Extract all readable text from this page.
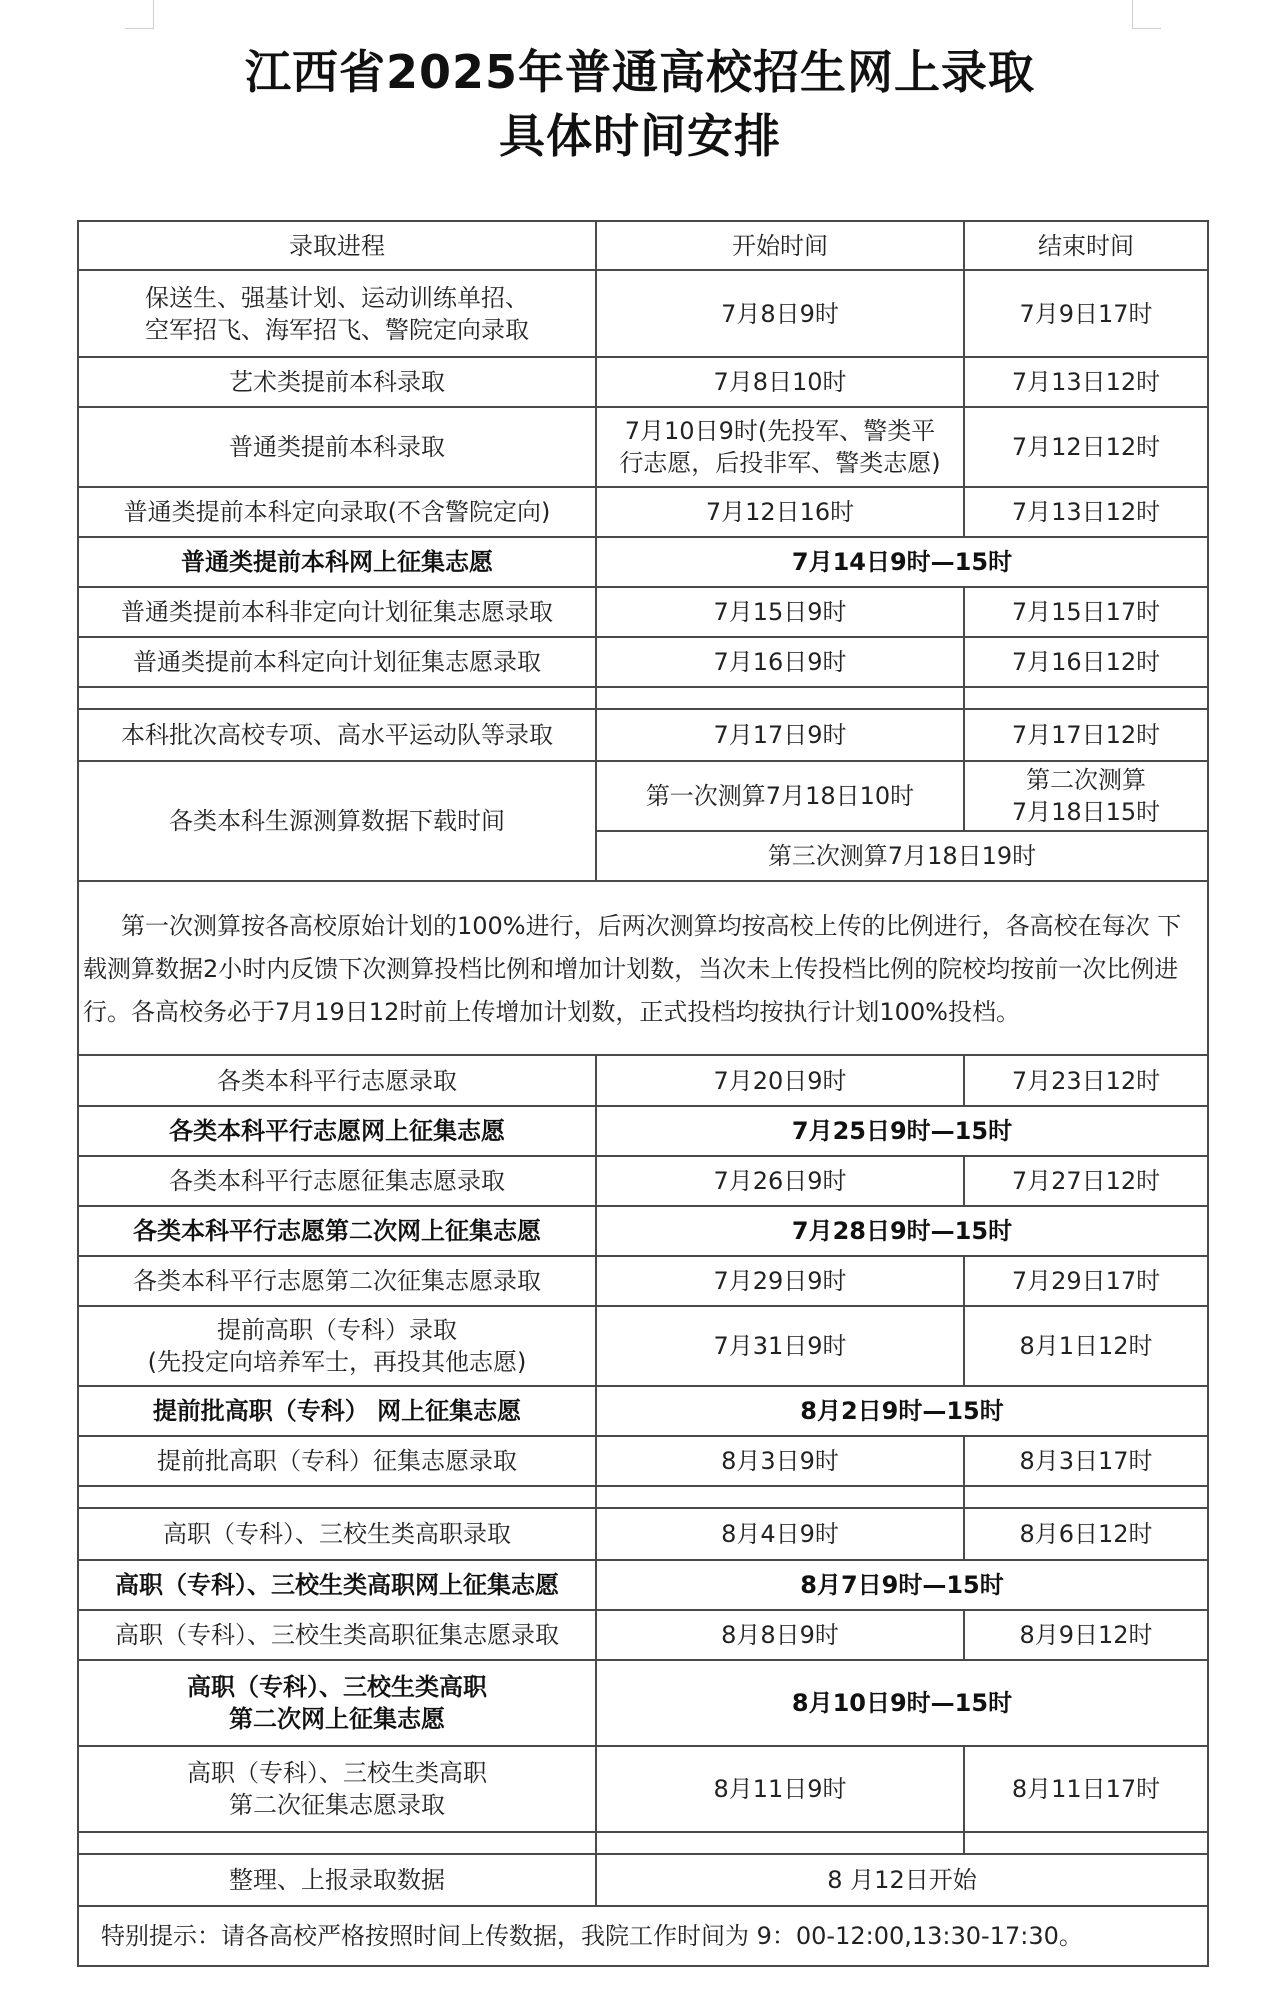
江西省2025年普通高校招生网上录取
具体时间安排
录取进程	开始时间	结束时间
保送生、强基计划、运动训练单招、
空军招飞、海军招飞、警院定向录取	7月8日9时	7月9日17时
艺术类提前本科录取	7月8日10时	7月13日12时
普通类提前本科录取	7月10日9时(先投军、警类平
行志愿，后投非军、警类志愿)	7月12日12时
普通类提前本科定向录取(不含警院定向)	7月12日16时	7月13日12时
普通类提前本科网上征集志愿	7月14日9时—15时	
普通类提前本科非定向计划征集志愿录取	7月15日9时	7月15日17时
普通类提前本科定向计划征集志愿录取	7月16日9时	7月16日12时

本科批次高校专项、高水平运动队等录取	7月17日9时	7月17日12时
各类本科生源测算数据下载时间	第一次测算7月18日10时	第二次测算
7月18日15时
	第三次测算7月18日19时	
第一次测算按各高校原始计划的100%进行，后两次测算均按高校上传的比例进行，各高校在每次 下载测算数据2小时内反馈下次测算投档比例和增加计划数，当次未上传投档比例的院校均按前一次比例进行。各高校务必于7月19日12时前上传增加计划数，正式投档均按执行计划100%投档。		
各类本科平行志愿录取	7月20日9时	7月23日12时
各类本科平行志愿网上征集志愿	7月25日9时—15时	
各类本科平行志愿征集志愿录取	7月26日9时	7月27日12时
各类本科平行志愿第二次网上征集志愿	7月28日9时—15时	
各类本科平行志愿第二次征集志愿录取	7月29日9时	7月29日17时
提前高职（专科）录取
(先投定向培养军士，再投其他志愿)	7月31日9时	8月1日12时
提前批高职（专科） 网上征集志愿	8月2日9时—15时	
提前批高职（专科）征集志愿录取	8月3日9时	8月3日17时

高职（专科）、三校生类高职录取	8月4日9时	8月6日12时
高职（专科）、三校生类高职网上征集志愿	8月7日9时—15时	
高职（专科）、三校生类高职征集志愿录取	8月8日9时	8月9日12时
高职（专科）、三校生类高职
第二次网上征集志愿	8月10日9时—15时	
高职（专科）、三校生类高职
第二次征集志愿录取	8月11日9时	8月11日17时

整理、上报录取数据	8 月12日开始	
特别提示：请各高校严格按照时间上传数据，我院工作时间为 9：00-12:00,13:30-17:30。		
